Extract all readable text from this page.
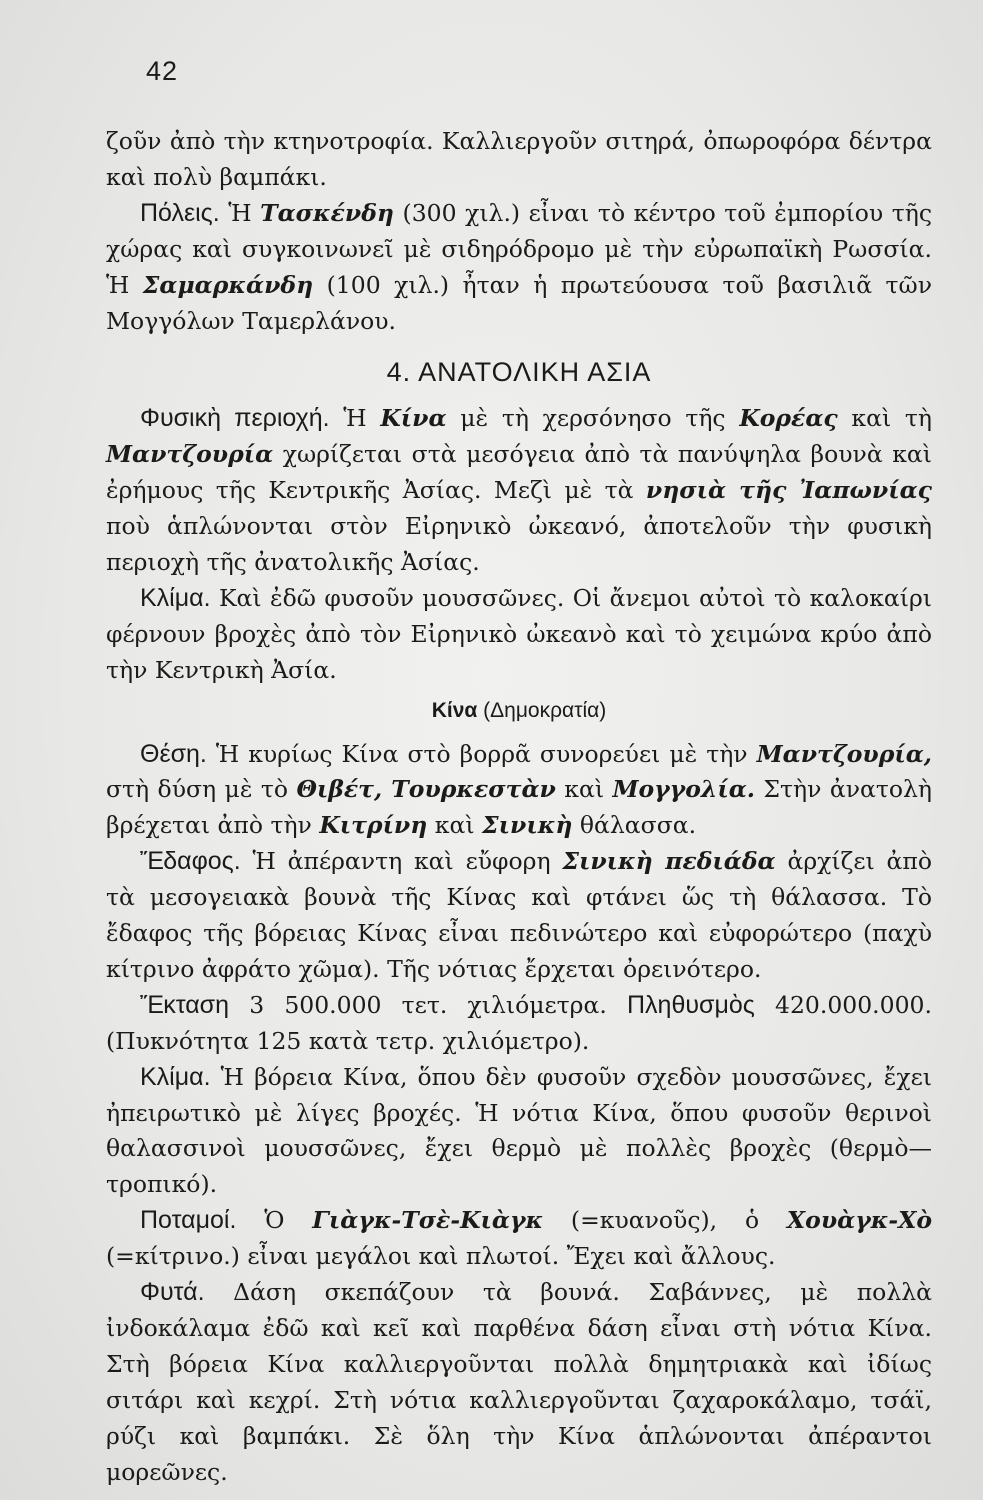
42

ζοῦν ἀπὸ τὴν κτηνοτροφία. Καλλιεργοῦν σιτηρά, ὀπωροφόρα δέντρα καὶ πολὺ βαμπάκι.

Πόλεις. Ἡ Τασκένδη (300 χιλ.) εἶναι τὸ κέντρο τοῦ ἐμπορίου τῆς χώρας καὶ συγκοινωνεῖ μὲ σιδηρόδρομο μὲ τὴν εὐρωπαϊκὴ Ρωσσία. Ἡ Σαμαρκάνδη (100 χιλ.) ἦταν ἡ πρωτεύουσα τοῦ βασιλιᾶ τῶν Μογγόλων Ταμερλάνου.

4. ΑΝΑΤΟΛΙΚΗ ΑΣΙΑ

Φυσικὴ περιοχή. Ἡ Κίνα μὲ τὴ χερσόνησο τῆς Κορέας καὶ τὴ Μαντζουρία χωρίζεται στὰ μεσόγεια ἀπὸ τὰ πανύψηλα βουνὰ καὶ ἐρήμους τῆς Κεντρικῆς Ἀσίας. Μεζὶ μὲ τὰ νησιὰ τῆς Ἰαπωνίας ποὺ ἁπλώνονται στὸν Εἰρηνικὸ ὠκεανό, ἀποτελοῦν τὴν φυσικὴ περιοχὴ τῆς ἀνατολικῆς Ἀσίας.

Κλίμα. Καὶ ἐδῶ φυσοῦν μουσσῶνες. Οἱ ἄνεμοι αὐτοὶ τὸ καλοκαίρι φέρνουν βροχὲς ἀπὸ τὸν Εἰρηνικὸ ὠκεανὸ καὶ τὸ χειμώνα κρύο ἀπὸ τὴν Κεντρικὴ Ἀσία.

Κίνα (Δημοκρατία)

Θέση. Ἡ κυρίως Κίνα στὸ βορρᾶ συνορεύει μὲ τὴν Μαντζουρία, στὴ δύση μὲ τὸ Θιβέτ, Τουρκεστὰν καὶ Μογγολία. Στὴν ἀνατολὴ βρέχεται ἀπὸ τὴν Κιτρίνη καὶ Σινικὴ θάλασσα.

Ἔδαφος. Ἡ ἀπέραντη καὶ εὔφορη Σινικὴ πεδιάδα ἀρχίζει ἀπὸ τὰ μεσογειακὰ βουνὰ τῆς Κίνας καὶ φτάνει ὥς τὴ θάλασσα. Τὸ ἔδαφος τῆς βόρειας Κίνας εἶναι πεδινώτερο καὶ εὐφορώτερο (παχὺ κίτρινο ἀφράτο χῶμα). Τῆς νότιας ἔρχεται ὀρεινότερο.

Ἔκταση 3 500.000 τετ. χιλιόμετρα. Πληθυσμὸς 420.000.000. (Πυκνότητα 125 κατὰ τετρ. χιλιόμετρο).

Κλίμα. Ἡ βόρεια Κίνα, ὅπου δὲν φυσοῦν σχεδὸν μουσσῶνες, ἔχει ἠπειρωτικὸ μὲ λίγες βροχές. Ἡ νότια Κίνα, ὅπου φυσοῦν θερινοὶ θαλασσινοὶ μουσσῶνες, ἔχει θερμὸ μὲ πολλὲς βροχὲς (θερμὸ—τροπικό).

Ποταμοί. Ὁ Γιὰγκ-Τσὲ-Κιὰγκ (=κυανοῦς), ὁ Χουὰγκ-Χὸ (=κίτρινο.) εἶναι μεγάλοι καὶ πλωτοί. Ἔχει καὶ ἄλλους.

Φυτά. Δάση σκεπάζουν τὰ βουνά. Σαβάννες, μὲ πολλὰ ἰνδοκάλαμα ἐδῶ καὶ κεῖ καὶ παρθένα δάση εἶναι στὴ νότια Κίνα. Στὴ βόρεια Κίνα καλλιεργοῦνται πολλὰ δημητριακὰ καὶ ἰδίως σιτάρι καὶ κεχρί. Στὴ νότια καλλιεργοῦνται ζαχαροκάλαμο, τσάϊ, ρύζι καὶ βαμπάκι. Σὲ ὅλη τὴν Κίνα ἁπλώνονται ἀπέραντοι μορεῶνες.
